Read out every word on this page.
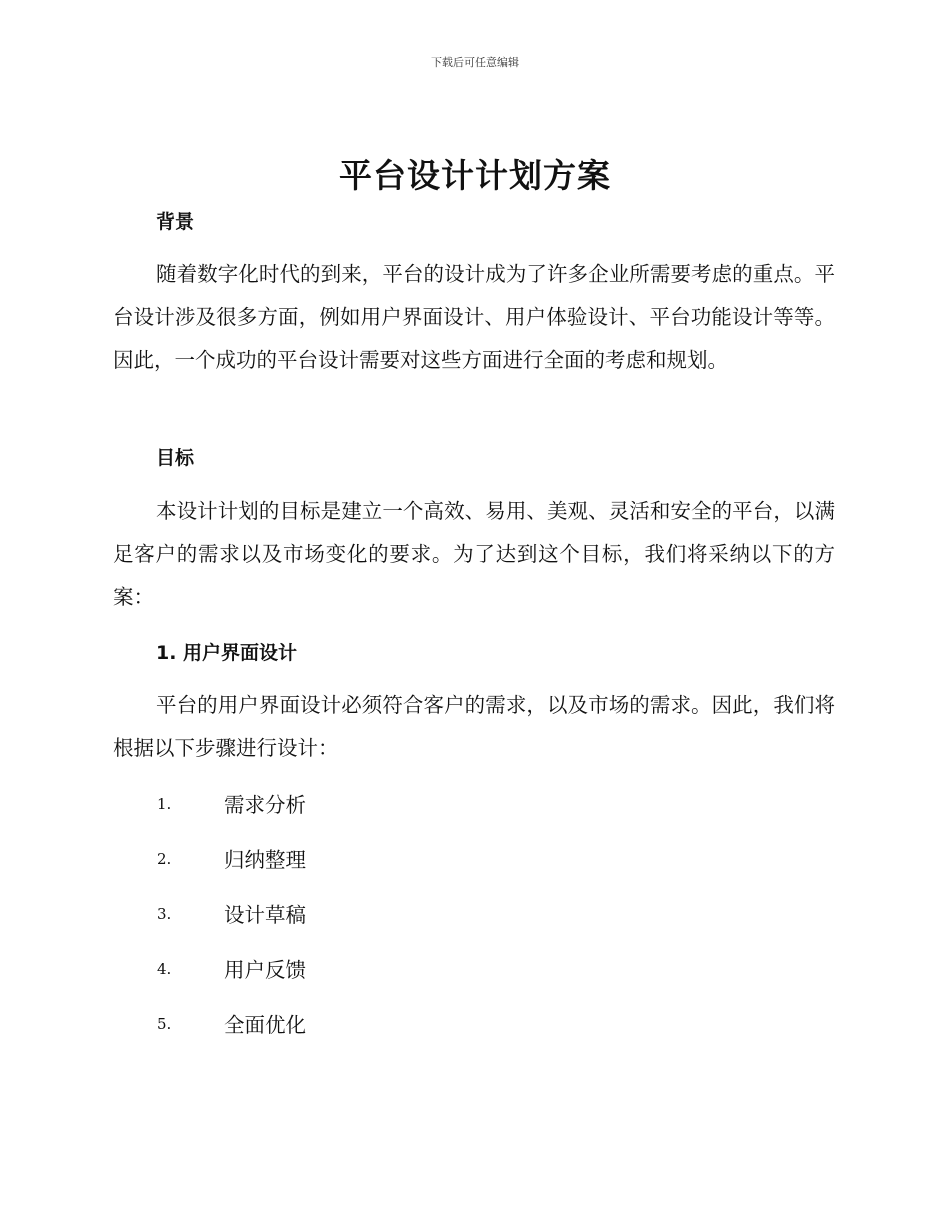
下载后可任意编辑
平台设计计划方案
背景

随着数字化时代的到来，平台的设计成为了许多企业所需要考虑的重点。平台设计涉及很多方面，例如用户界面设计、用户体验设计、平台功能设计等等。因此，一个成功的平台设计需要对这些方面进行全面的考虑和规划。

目标

本设计计划的目标是建立一个高效、易用、美观、灵活和安全的平台，以满足客户的需求以及市场变化的要求。为了达到这个目标，我们将采纳以下的方案：

1. 用户界面设计

平台的用户界面设计必须符合客户的需求，以及市场的需求。因此，我们将根据以下步骤进行设计：

1.	需求分析
2.	归纳整理
3.	设计草稿
4.	用户反馈
5.	全面优化
